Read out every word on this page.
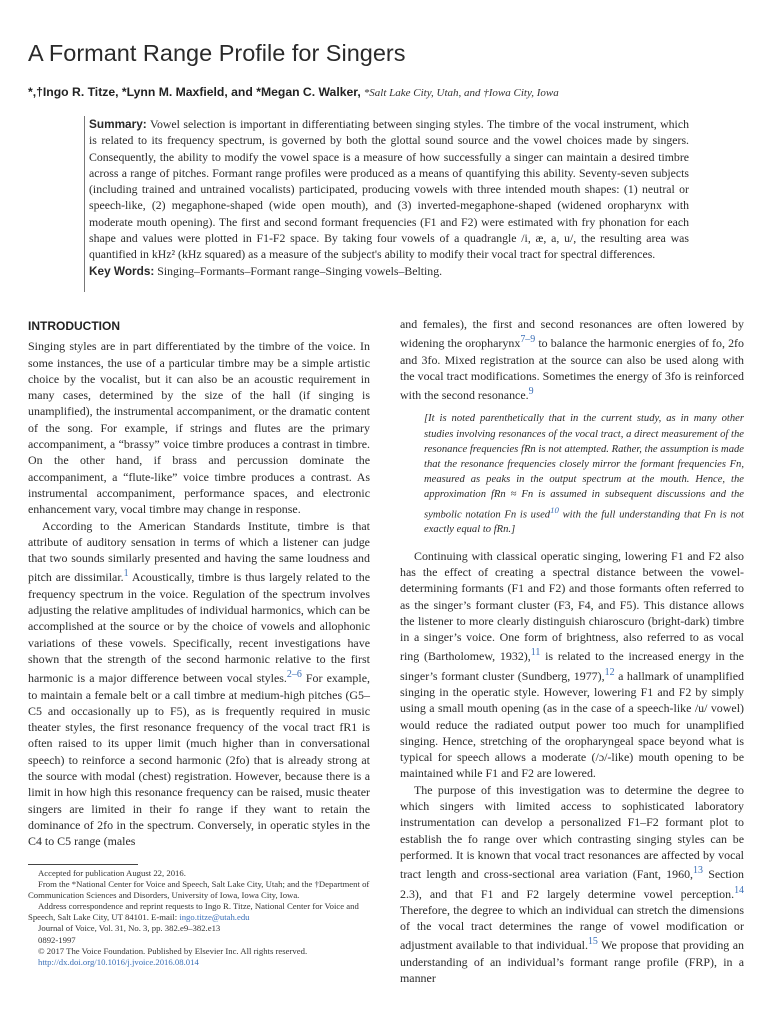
A Formant Range Profile for Singers
*,†Ingo R. Titze, *Lynn M. Maxfield, and *Megan C. Walker, *Salt Lake City, Utah, and †Iowa City, Iowa

Summary: Vowel selection is important in differentiating between singing styles. The timbre of the vocal instrument, which is related to its frequency spectrum, is governed by both the glottal sound source and the vowel choices made by singers. Consequently, the ability to modify the vowel space is a measure of how successfully a singer can maintain a desired timbre across a range of pitches. Formant range profiles were produced as a means of quantifying this ability. Seventy-seven subjects (including trained and untrained vocalists) participated, producing vowels with three intended mouth shapes: (1) neutral or speech-like, (2) megaphone-shaped (wide open mouth), and (3) inverted-megaphone-shaped (widened oropharynx with moderate mouth opening). The first and second formant frequencies (F1 and F2) were estimated with fry phonation for each shape and values were plotted in F1-F2 space. By taking four vowels of a quadrangle /i, æ, a, u/, the resulting area was quantified in kHz² (kHz squared) as a measure of the subject's ability to modify their vocal tract for spectral differences.

Key Words: Singing–Formants–Formant range–Singing vowels–Belting.

INTRODUCTION

Singing styles are in part differentiated by the timbre of the voice. In some instances, the use of a particular timbre may be a simple artistic choice by the vocalist, but it can also be an acoustic requirement in many cases, determined by the size of the hall (if singing is unamplified), the instrumental accompaniment, or the dramatic content of the song. For example, if strings and flutes are the primary accompaniment, a “brassy” voice timbre produces a contrast in timbre. On the other hand, if brass and percussion dominate the accompaniment, a “flute-like” voice timbre produces a contrast. As instrumental accompaniment, performance spaces, and electronic enhancement vary, vocal timbre may change in response.

According to the American Standards Institute, timbre is that attribute of auditory sensation in terms of which a listener can judge that two sounds similarly presented and having the same loudness and pitch are dissimilar.$^1$ Acoustically, timbre is thus largely related to the frequency spectrum in the voice. Regulation of the spectrum involves adjusting the relative amplitudes of individual harmonics, which can be accomplished at the source or by the choice of vowels and allophonic variations of these vowels. Specifically, recent investigations have shown that the strength of the second harmonic relative to the first harmonic is a major difference between vocal styles.$^{2-6}$ For example, to maintain a female belt or a call timbre at medium-high pitches (G5–C5 and occasionally up to F5), as is frequently required in music theater styles, the first resonance frequency of the vocal tract fR1 is often raised to its upper limit (much higher than in conversational speech) to reinforce a second harmonic (2fo) that is already strong at the source with modal (chest) registration. However, because there is a limit in how high this resonance frequency can be raised, music theater singers are limited in their fo range if they want to retain the dominance of 2fo in the spectrum. Conversely, in operatic styles in the C4 to C5 range (males

and females), the first and second resonances are often lowered by widening the oropharynx$^{7-9}$ to balance the harmonic energies of fo, 2fo and 3fo. Mixed registration at the source can also be used along with the vocal tract modifications. Sometimes the energy of 3fo is reinforced with the second resonance.$^9$

[It is noted parenthetically that in the current study, as in many other studies involving resonances of the vocal tract, a direct measurement of the resonance frequencies fRn is not attempted. Rather, the assumption is made that the resonance frequencies closely mirror the formant frequencies Fn, measured as peaks in the output spectrum at the mouth. Hence, the approximation fRn ≈ Fn is assumed in subsequent discussions and the symbolic notation Fn is used$^{10}$ with the full understanding that Fn is not exactly equal to fRn.]

Continuing with classical operatic singing, lowering F1 and F2 also has the effect of creating a spectral distance between the vowel-determining formants (F1 and F2) and those formants often referred to as the singer’s formant cluster (F3, F4, and F5). This distance allows the listener to more clearly distinguish chiaroscuro (bright-dark) timbre in a singer’s voice. One form of brightness, also referred to as vocal ring (Bartholomew, 1932),$^{11}$ is related to the increased energy in the singer’s formant cluster (Sundberg, 1977),$^{12}$ a hallmark of unamplified singing in the operatic style. However, lowering F1 and F2 by simply using a small mouth opening (as in the case of a speech-like /u/ vowel) would reduce the radiated output power too much for unamplified singing. Hence, stretching of the oropharyngeal space beyond what is typical for speech allows a moderate (/ɔ/-like) mouth opening to be maintained while F1 and F2 are lowered.

The purpose of this investigation was to determine the degree to which singers with limited access to sophisticated laboratory instrumentation can develop a personalized F1–F2 formant plot to establish the fo range over which contrasting singing styles can be performed. It is known that vocal tract resonances are affected by vocal tract length and cross-sectional area variation (Fant, 1960,13 Section 2.3), and that F1 and F2 largely determine vowel perception.$^{14}$ Therefore, the degree to which an individual can stretch the dimensions of the vocal tract determines the range of vowel modification or adjustment available to that individual.$^{15}$ We propose that providing an understanding of an individual’s formant range profile (FRP), in a manner

Accepted for publication August 22, 2016.

From the *National Center for Voice and Speech, Salt Lake City, Utah; and the †Department of Communication Sciences and Disorders, University of Iowa, Iowa City, Iowa.

Address correspondence and reprint requests to Ingo R. Titze, National Center for Voice and Speech, Salt Lake City, UT 84101. E-mail: ingo.titze@utah.edu

Journal of Voice, Vol. 31, No. 3, pp. 382.e9–382.e13

0892-1997

© 2017 The Voice Foundation. Published by Elsevier Inc. All rights reserved.

http://dx.doi.org/10.1016/j.jvoice.2016.08.014
